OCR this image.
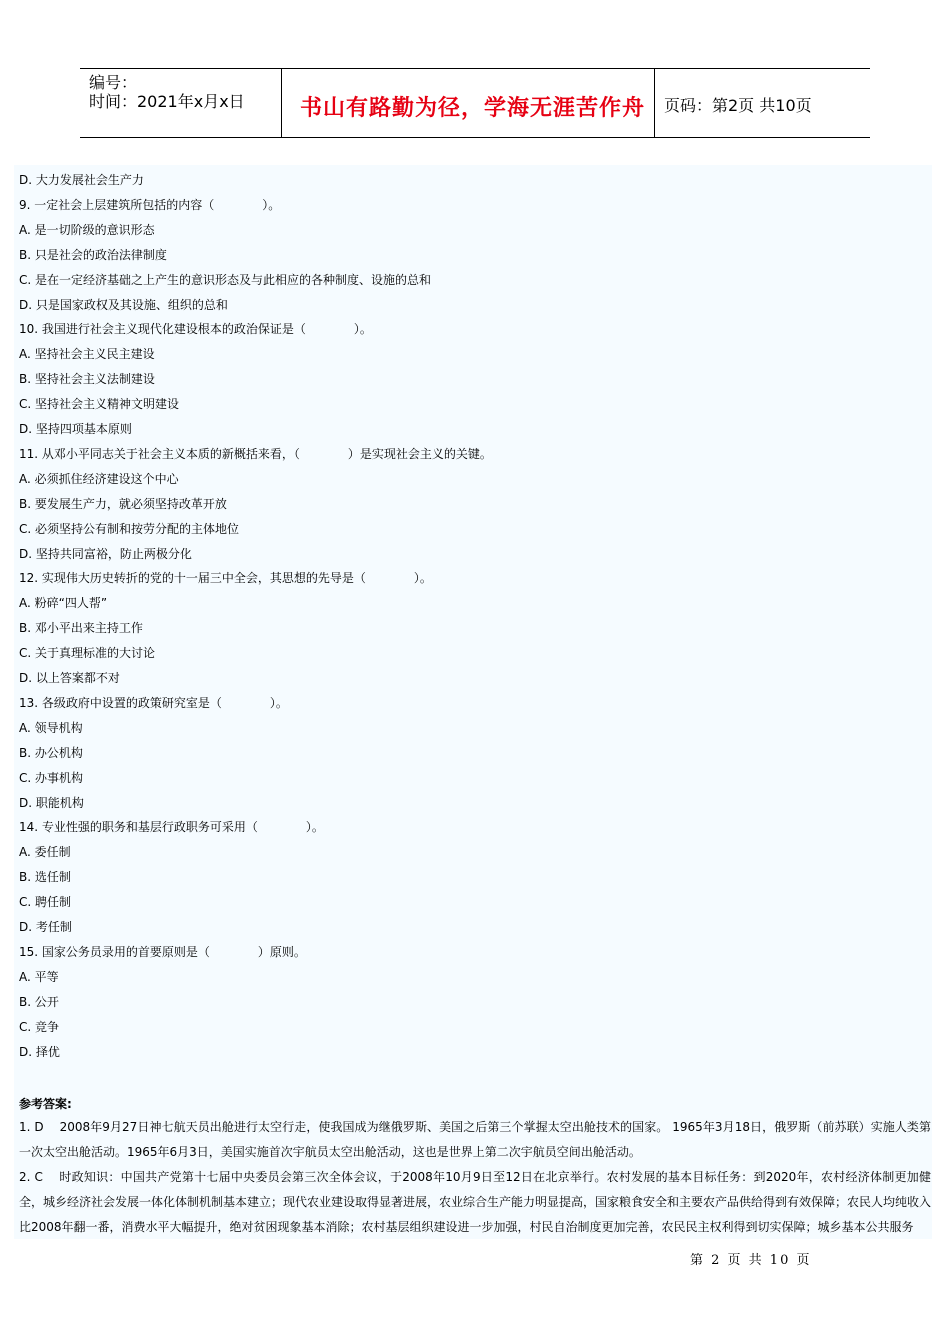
编号：
时间：2021年x月x日	书山有路勤为径，学海无涯苦作舟 页码：第2页 共10页
D. 大力发展社会生产力
9. 一定社会上层建筑所包括的内容（　　　　）。
A. 是一切阶级的意识形态
B. 只是社会的政治法律制度
C. 是在一定经济基础之上产生的意识形态及与此相应的各种制度、设施的总和
D. 只是国家政权及其设施、组织的总和
10. 我国进行社会主义现代化建设根本的政治保证是（　　　　）。
A. 坚持社会主义民主建设
B. 坚持社会主义法制建设
C. 坚持社会主义精神文明建设
D. 坚持四项基本原则
11. 从邓小平同志关于社会主义本质的新概括来看，（　　　　）是实现社会主义的关键。
A. 必须抓住经济建设这个中心
B. 要发展生产力，就必须坚持改革开放
C. 必须坚持公有制和按劳分配的主体地位
D. 坚持共同富裕，防止两极分化
12. 实现伟大历史转折的党的十一届三中全会，其思想的先导是（　　　　）。
A. 粉碎“四人帮”
B. 邓小平出来主持工作
C. 关于真理标准的大讨论
D. 以上答案都不对
13. 各级政府中设置的政策研究室是（　　　　）。
A. 领导机构
B. 办公机构
C. 办事机构
D. 职能机构
14. 专业性强的职务和基层行政职务可采用（　　　　）。
A. 委任制
B. 选任制
C. 聘任制
D. 考任制
15. 国家公务员录用的首要原则是（　　　　）原则。
A. 平等
B. 公开
C. 竞争
D. 择优
参考答案:
1. D　 2008年9月27日神七航天员出舱进行太空行走，使我国成为继俄罗斯、美国之后第三个掌握太空出舱技术的国家。 1965年3月18日，俄罗斯（前苏联）实施人类第一次太空出舱活动。1965年6月3日，美国实施首次宇航员太空出舱活动，这也是世界上第二次宇航员空间出舱活动。
2. C　 时政知识：中国共产党第十七届中央委员会第三次全体会议，于2008年10月9日至12日在北京举行。农村发展的基本目标任务：到2020年，农村经济体制更加健全，城乡经济社会发展一体化体制机制基本建立；现代农业建设取得显著进展，农业综合生产能力明显提高，国家粮食安全和主要农产品供给得到有效保障；农民人均纯收入比2008年翻一番，消费水平大幅提升，绝对贫困现象基本消除；农村基层组织建设进一步加强，村民自治制度更加完善，农民民主权利得到切实保障；城乡基本公共服务
第 2 页 共 10 页
